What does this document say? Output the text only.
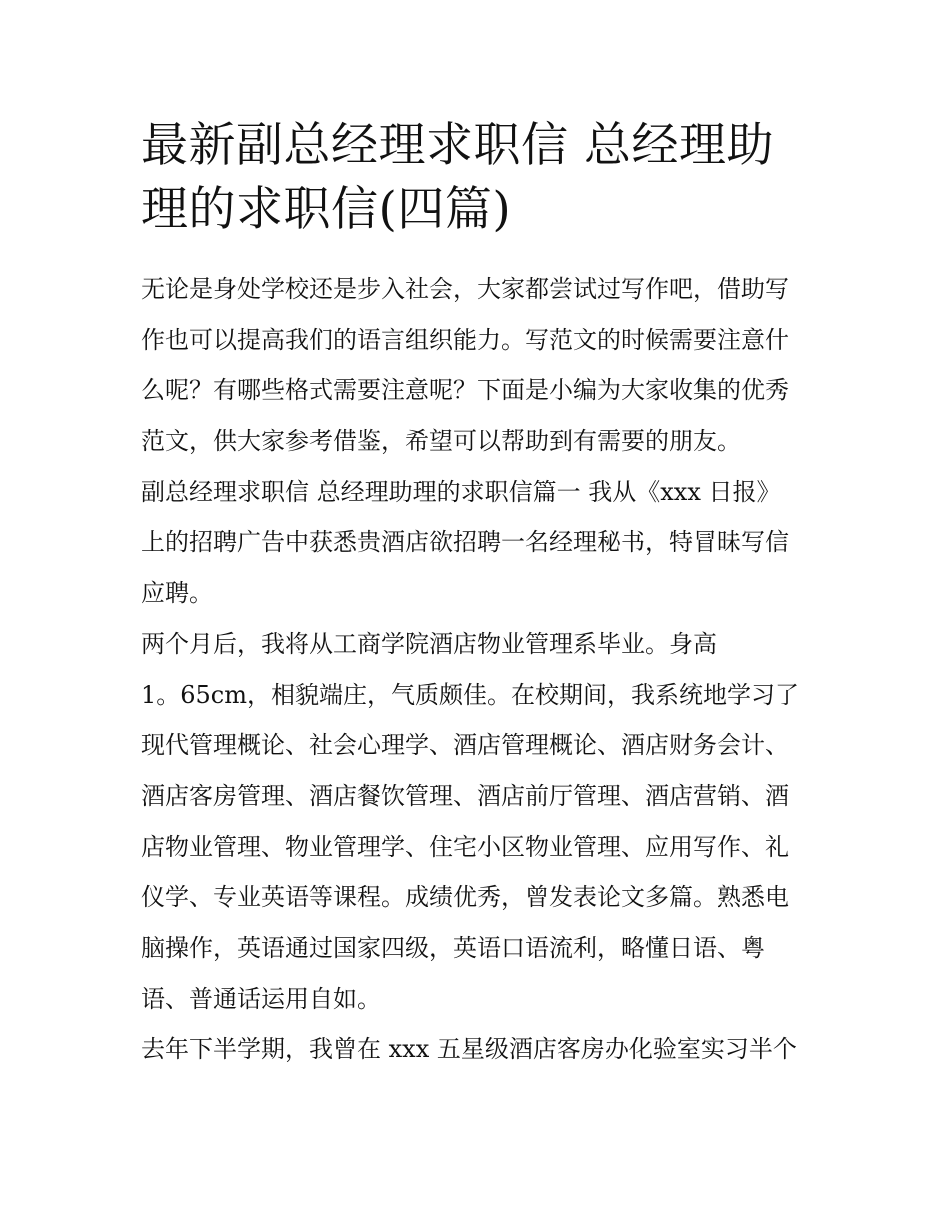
最新副总经理求职信 总经理助
理的求职信(四篇)
无论是身处学校还是步入社会，大家都尝试过写作吧，借助写
作也可以提高我们的语言组织能力。写范文的时候需要注意什
么呢？有哪些格式需要注意呢？下面是小编为大家收集的优秀
范文，供大家参考借鉴，希望可以帮助到有需要的朋友。
副总经理求职信 总经理助理的求职信篇一 我从《xxx 日报》
上的招聘广告中获悉贵酒店欲招聘一名经理秘书，特冒昧写信
应聘。
两个月后，我将从工商学院酒店物业管理系毕业。身高
1。65cm，相貌端庄，气质颇佳。在校期间，我系统地学习了
现代管理概论、社会心理学、酒店管理概论、酒店财务会计、
酒店客房管理、酒店餐饮管理、酒店前厅管理、酒店营销、酒
店物业管理、物业管理学、住宅小区物业管理、应用写作、礼
仪学、专业英语等课程。成绩优秀，曾发表论文多篇。熟悉电
脑操作，英语通过国家四级，英语口语流利，略懂日语、粤
语、普通话运用自如。
去年下半学期，我曾在 xxx 五星级酒店客房办化验室实习半个
